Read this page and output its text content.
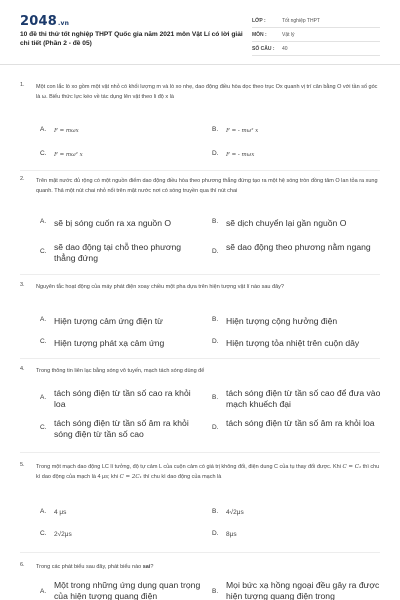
2048.vn
10 đề thi thử tốt nghiệp THPT Quốc gia năm 2021 môn Vật Lí có lời giải chi tiết (Phần 2 - đề 05)
LỚP :	Tốt nghiệp THPT
MÔN :	Vật lý
SỐ CÂU :	40
1. Một con lắc lò xo gồm một vật nhỏ có khối lượng m và lò xo nhẹ, dao động điều hòa dọc theo trục Ox quanh vị trí cân bằng O với tần số góc là ω. Biểu thức lực kéo về tác dụng lên vật theo li độ x là
A.	F = mωx	B.	F = - mω² x
C.	F = mω² x	D.	F = - mωx
2. Trên mặt nước đủ rộng có một nguồn điểm dao động điều hòa theo phương thẳng đứng tạo ra một hệ sóng tròn đồng tâm O lan tỏa ra xung quanh. Thả một nút chai nhỏ nổi trên mặt nước nơi có sóng truyền qua thì nút chai
A. sẽ bị sóng cuốn ra xa nguồn O	B. sẽ dịch chuyển lại gần nguồn O
C. sẽ dao động tại chỗ theo phương thẳng đứng
D. sẽ dao động theo phương nằm ngang
3. Nguyên tắc hoạt động của máy phát điện xoay chiều một pha dựa trên hiện tượng vật lí nào sau đây?
A. Hiện tượng cảm ứng điện từ	B. Hiện tượng cộng hưởng điện
C. Hiện tượng phát xạ cảm ứng	D. Hiện tượng tỏa nhiệt trên cuộn dây
4. Trong thông tin liên lạc bằng sóng vô tuyến, mạch tách sóng dùng để
A. tách sóng điện từ tần số cao ra khỏi loa
B. tách sóng điện từ tần số cao để đưa vào mạch khuếch đại
C. tách sóng điện từ tần số âm ra khỏi sóng điện từ tần số cao
D. tách sóng điện từ tần số âm ra khỏi loa
5. Trong một mạch dao động LC lí tưởng, độ tự cảm L của cuộn cảm có giá trị không đổi, điện dung C của tụ thay đổi được. Khi C = C₁ thì chu kì dao động của mạch là 4 μs; khi C = 2C₁ thì chu kì dao động của mạch là
A.	4 μs	B.	4√2μs
C.	2√2μs	D.	8μs
6. Trong các phát biểu sau đây, phát biểu nào sai?
A.
Một trong những ứng dụng quan trọng của hiện tượng quang điện	B.
Mọi bức xạ hồng ngoại đều gây ra được hiện tượng quang điện trong
